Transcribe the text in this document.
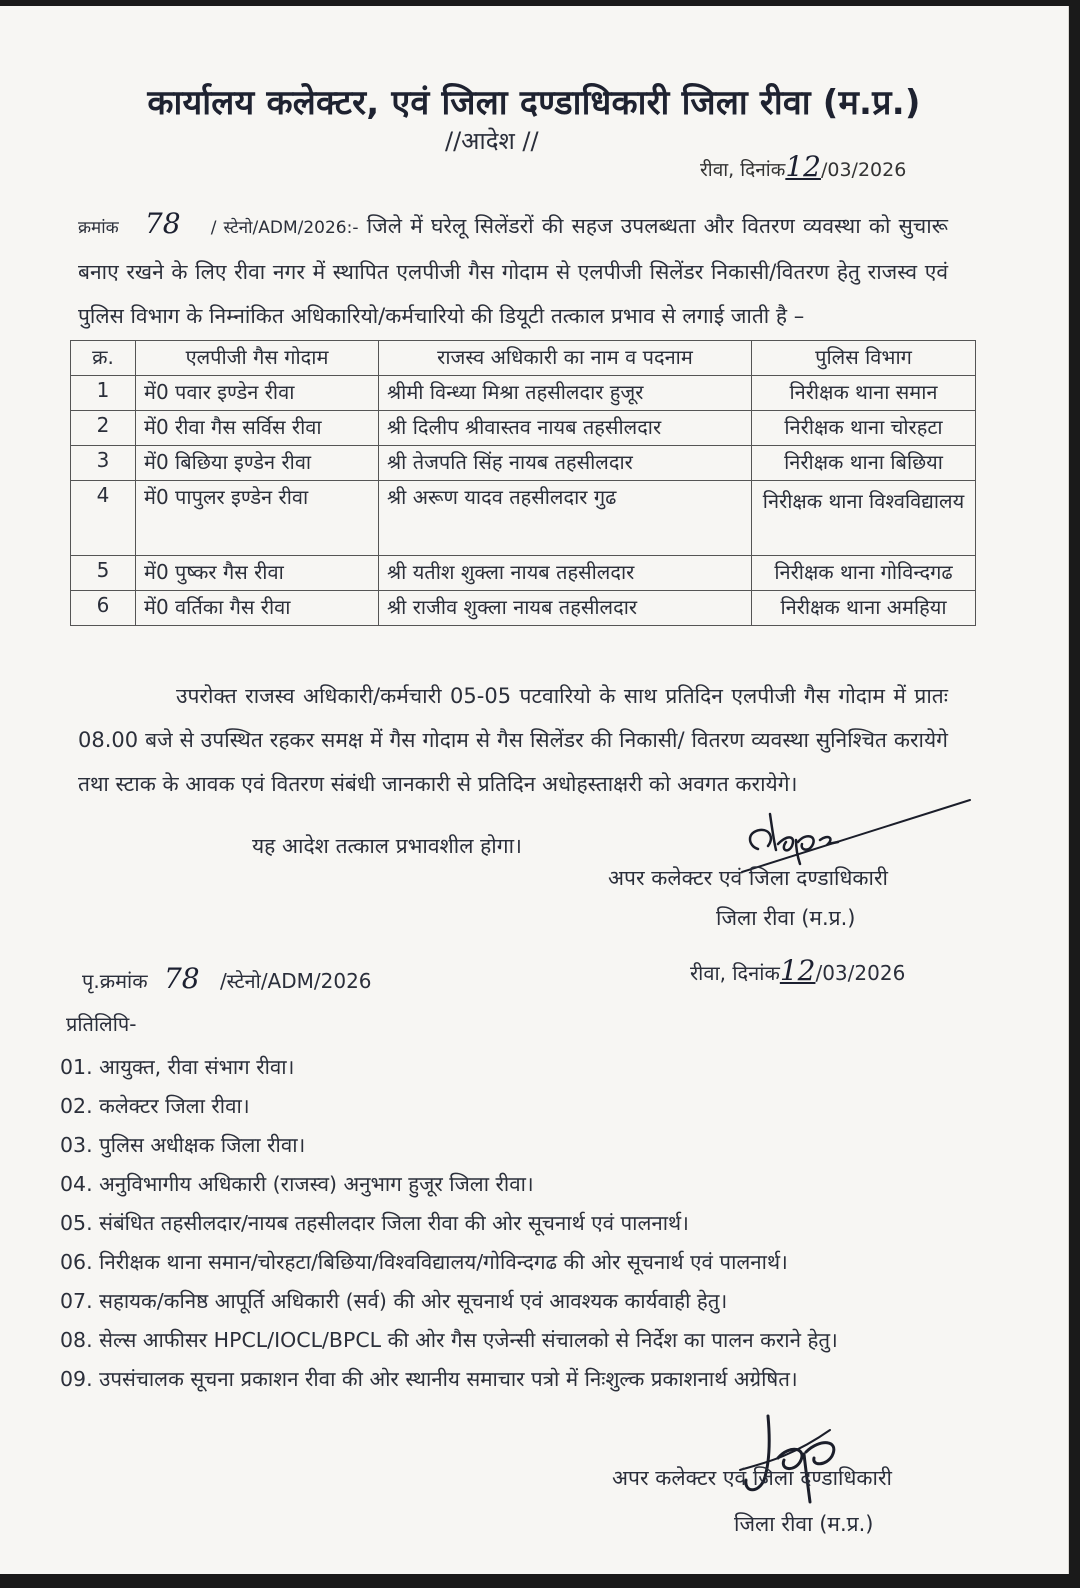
कार्यालय कलेक्टर, एवं जिला दण्डाधिकारी जिला रीवा (म.प्र.)
//आदेश //
रीवा, दिनांक12/03/2026
क्रमांक 78 / स्टेनो/ADM/2026:- जिले में घरेलू सिलेंडरों की सहज उपलब्धता और वितरण व्यवस्था को सुचारू बनाए रखने के लिए रीवा नगर में स्थापित एलपीजी गैस गोदाम से एलपीजी सिलेंडर निकासी/वितरण हेतु राजस्व एवं पुलिस विभाग के निम्नांकित अधिकारियो/कर्मचारियो की डियूटी तत्काल प्रभाव से लगाई जाती है –
क्र.	एलपीजी गैस गोदाम	राजस्व अधिकारी का नाम व पदनाम	पुलिस विभाग
1	में0 पवार इण्डेन रीवा	श्रीमी विन्ध्या मिश्रा तहसीलदार हुजूर	निरीक्षक थाना समान
2	में0 रीवा गैस सर्विस रीवा	श्री दिलीप श्रीवास्तव नायब तहसीलदार	निरीक्षक थाना चोरहटा
3	में0 बिछिया इण्डेन रीवा	श्री तेजपति सिंह नायब तहसीलदार	निरीक्षक थाना बिछिया
4	में0 पापुलर इण्डेन रीवा	श्री अरूण यादव तहसीलदार गुढ	निरीक्षक थाना विश्वविद्यालय
5	में0 पुष्कर गैस रीवा	श्री यतीश शुक्ला नायब तहसीलदार	निरीक्षक थाना गोविन्दगढ
6	में0 वर्तिका गैस रीवा	श्री राजीव शुक्ला नायब तहसीलदार	निरीक्षक थाना अमहिया
उपरोक्त राजस्व अधिकारी/कर्मचारी 05-05 पटवारियो के साथ प्रतिदिन एलपीजी गैस गोदाम में प्रातः 08.00 बजे से उपस्थित रहकर समक्ष में गैस गोदाम से गैस सिलेंडर की निकासी/ वितरण व्यवस्था सुनिश्चित करायेगे तथा स्टाक के आवक एवं वितरण संबंधी जानकारी से प्रतिदिन अधोहस्ताक्षरी को अवगत करायेगे।
यह आदेश तत्काल प्रभावशील होगा।
अपर कलेक्टर एवं जिला दण्डाधिकारी
जिला रीवा (म.प्र.)
पृ.क्रमांक 78 /स्टेनो/ADM/2026	रीवा, दिनांक12/03/2026
प्रतिलिपि-
01. आयुक्त, रीवा संभाग रीवा।
02. कलेक्टर जिला रीवा।
03. पुलिस अधीक्षक जिला रीवा।
04. अनुविभागीय अधिकारी (राजस्व) अनुभाग हुजूर जिला रीवा।
05. संबंधित तहसीलदार/नायब तहसीलदार जिला रीवा की ओर सूचनार्थ एवं पालनार्थ।
06. निरीक्षक थाना समान/चोरहटा/बिछिया/विश्वविद्यालय/गोविन्दगढ की ओर सूचनार्थ एवं पालनार्थ।
07. सहायक/कनिष्ठ आपूर्ति अधिकारी (सर्व) की ओर सूचनार्थ एवं आवश्यक कार्यवाही हेतु।
08. सेल्स आफीसर HPCL/IOCL/BPCL की ओर गैस एजेन्सी संचालको से निर्देश का पालन कराने हेतु।
09. उपसंचालक सूचना प्रकाशन रीवा की ओर स्थानीय समाचार पत्रो में निःशुल्क प्रकाशनार्थ अग्रेषित।
अपर कलेक्टर एवं जिला दण्डाधिकारी
जिला रीवा (म.प्र.)
